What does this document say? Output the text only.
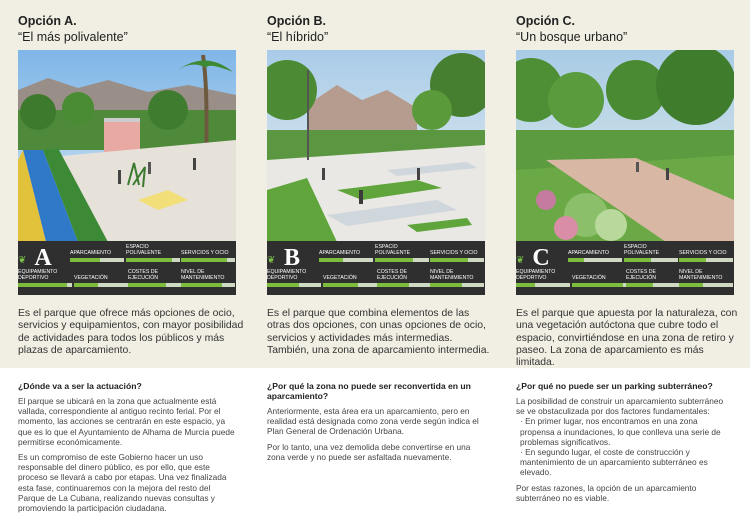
Opción A.
“El más polivalente”
❦ A	APARCAMIENTO
ESPACIO POLIVALENTE	SERVICIOS Y OCIO
EQUIPAMIENTO DEPORTIVO	VEGETACIÓN
COSTES DE EJECUCIÓN
NIVEL DE MANTENIMIENTO
Es el parque que ofrece más opciones de ocio, servicios y equipamientos, con mayor posibilidad de actividades para todos los públicos y más plazas de aparcamiento.
Opción B.
“El híbrido”
❦ B	APARCAMIENTO
ESPACIO POLIVALENTE	SERVICIOS Y OCIO
EQUIPAMIENTO DEPORTIVO	VEGETACIÓN
COSTES DE EJECUCIÓN
NIVEL DE MANTENIMIENTO
Es el parque que combina elementos de las otras dos opciones, con unas opciones de ocio, servicios y actividades más intermedias. También, una zona de aparcamiento intermedia.
Opción C.
“Un bosque urbano”
❦ C	APARCAMIENTO
ESPACIO POLIVALENTE	SERVICIOS Y OCIO
EQUIPAMIENTO DEPORTIVO	VEGETACIÓN
COSTES DE EJECUCIÓN
NIVEL DE MANTENIMIENTO
Es el parque que apuesta por la naturaleza, con una vegetación autóctona que cubre todo el espacio, convirtiéndose en una zona de retiro y paseo. La zona de aparcamiento es más limitada.
¿Dónde va a ser la actuación?
El parque se ubicará en la zona que actualmente está vallada, correspondiente al antiguo recinto ferial. Por el momento, las acciones se centrarán en este espacio, ya que es lo que el Ayuntamiento de Alhama de Murcia puede permitirse económicamente.
Es un compromiso de este Gobierno hacer un uso responsable del dinero público, es por ello, que este proceso se llevará a cabo por etapas. Una vez finalizada esta fase, continuaremos con la mejora del resto del Parque de La Cubana, realizando nuevas consultas y promoviendo la participación ciudadana.
¿Por qué la zona no puede ser reconvertida en un aparcamiento?
Anteriormente, esta área era un aparcamiento, pero en realidad está designada como zona verde según indica el Plan General de Ordenación Urbana.
Por lo tanto, una vez demolida debe convertirse en una zona verde y no puede ser asfaltada nuevamente.
¿Por qué no puede ser un parking subterráneo?
La posibilidad de construir un aparcamiento subterráneo se ve obstaculizada por dos factores fundamentales:
· En primer lugar, nos encontramos en una zona propensa a inundaciones, lo que conlleva una serie de problemas significativos.
· En segundo lugar, el coste de construcción y mantenimiento de un aparcamiento subterráneo es elevado.
Por estas razones, la opción de un aparcamiento subterráneo no es viable.
